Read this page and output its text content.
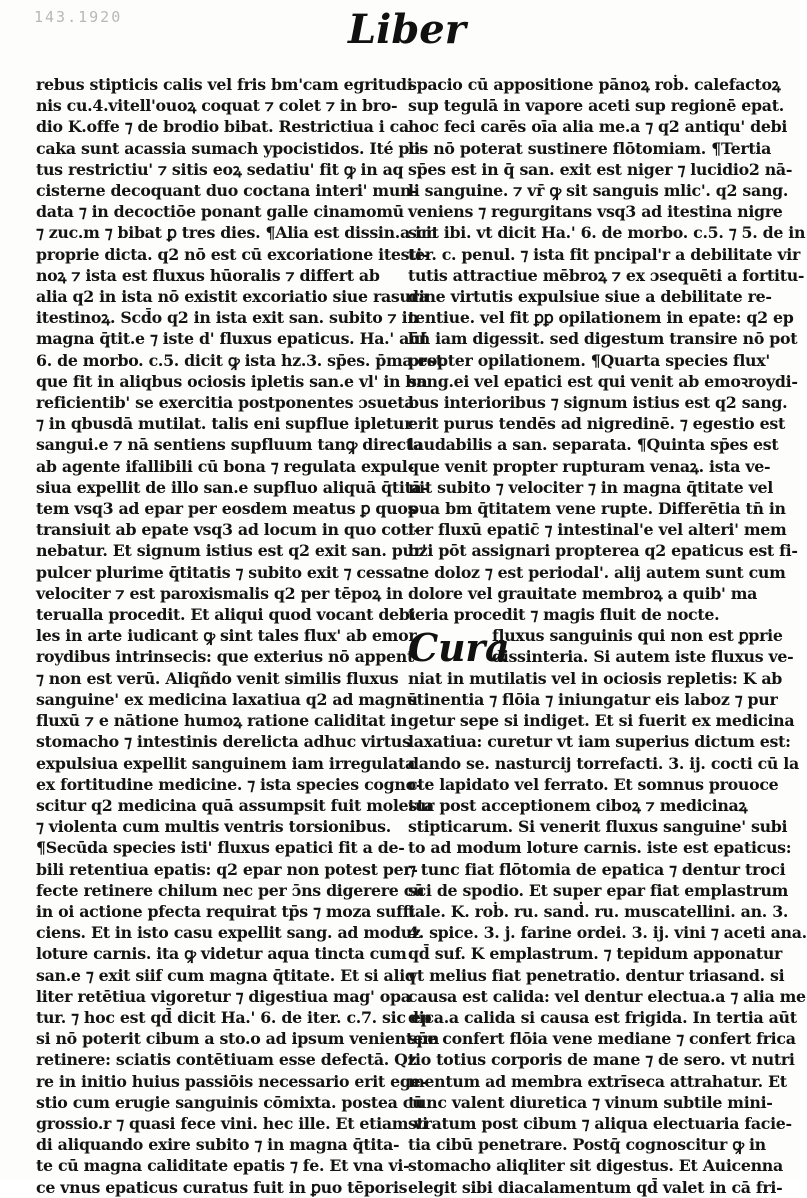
143.1920	Liber
rebus stipticis calis vel fris bm'cam egritudi
nis cu.4.vitell'ouoꝝ coquat ⁊ colet ⁊ in bro-
dio K.offe ⁊ de brodio bibat. Restrictiua i ca
caka sunt acassia sumach ypocistidos. Ité po-
tus restrictiu' ⁊ sitis eoꝝ sedatiu' fit ꝙ in aq
cisterne decoquant duo coctana interi' mun-
data ⁊ in decoctiōe ponant galle cinamomū
⁊ zuc.m ⁊ bibat ꝑ tres dies. ¶Alia est dissin.a im
proprie dicta. q2 nō est cū excoriatione itesti-
noꝝ ⁊ ista est fluxus hūoralis ⁊ differt ab
alia q2 in ista nō existit excoriatio siue rasura
itestinoꝝ. Scd̄o q2 in ista exit san. subito ⁊ in
magna q̄tit.e ⁊ iste d' fluxus epaticus. Ha.' aūt
6. de morbo. c.5. dicit ꝙ ista hz.3. sp̄es. p̄ma est
que fit in aliqbus ociosis ipletis san.e vl' in bn
reficientib' se exercitia postponentes ɔsueta
⁊ in qbusdā mutilat. talis eni supflue ipletur
sangui.e ⁊ nā sentiens supfluum tanꝙ directa
ab agente ifallibili cū bona ⁊ regulata expul-
siua expellit de illo san.e supfluo aliquā q̄titā-
tem vsq3 ad epar per eosdem meatus ꝑ quos
transiuit ab epate vsq3 ad locum in quo coti-
nebatur. Et signum istius est q2 exit san. pur'
pulcer plurime q̄titatis ⁊ subito exit ⁊ cessat
velociter ⁊ est paroxismalis q2 per tēpoꝝ in
terualla procedit. Et aliqui quod vocant debi
les in arte iudicant ꝙ sint tales flux' ab emor
roydibus intrinsecis: que exterius nō appent
⁊ non est verū. Aliqñdo venit similis fluxus
sanguine' ex medicina laxatiua q2 ad magnū
fluxū ⁊ e nātione humoꝝ ratione caliditat in
stomacho ⁊ intestinis derelicta adhuc virtus
expulsiua expellit sanguinem iam irregulata
ex fortitudine medicine. ⁊ ista species cogno-
scitur q2 medicina quā assumpsit fuit molesta
⁊ violenta cum multis ventris torsionibus.
¶Secūda species isti' fluxus epatici fit a de-
bili retentiua epatis: q2 epar non potest per-
fecte retinere chilum nec per ɔ̄ns digerere cū
in oi actione pfecta requirat tp̄s ⁊ moza suffi
ciens. Et in isto casu expellit sang. ad moduz
loture carnis. ita ꝙ videtur aqua tincta cum
san.e ⁊ exit siif cum magna q̄titate. Et si aliq
liter retētiua vigoretur ⁊ digestiua mag' opa
tur. ⁊ hoc est qd̄ dicit Ha.' 6. de iter. c.7. sic ep
si nō poterit cibum a sto.o ad ipsum venientem
retinere: sciatis contētiuam esse defectā. Qz
re in initio huius passiōis necessario erit ege-
stio cum erugie sanguinis cōmixta. postea cū
grossio.r ⁊ quasi fece vini. hec ille. Et etiam vi
di aliquando exire subito ⁊ in magna q̄tita-
te cū magna caliditate epatis ⁊ fe. Et vna vi-
ce vnus epaticus curatus fuit in ꝑuo tēporis
spacio cū appositione pānoꝝ roḃ. calefactoꝝ
sup tegulā in vapore aceti sup regionē epat.
hoc feci carēs oīa alia me.a ⁊ q2 antiqu' debi
lis nō poterat sustinere flōtomiam. ¶Tertia
sp̄es est in q̄ san. exit est niger ⁊ lucidio2 nā-
li sanguine. ⁊ vr̄ ꝙ sit sanguis mlic'. q2 sang.
veniens ⁊ regurgitans vsq3 ad itestina nigre
scit ibi. vt dicit Ha.' 6. de morbo. c.5. ⁊ 5. de in
ter. c. penul. ⁊ ista fit pncipal'r a debilitate vir
tutis attractiue mēbroꝝ ⁊ ex ɔsequēti a fortitu-
dine virtutis expulsiue siue a debilitate re-
tentiue. vel fit ꝑꝑ opilationem in epate: q2 ep
bn̄ iam digessit. sed digestum transire nō pot
propter opilationem. ¶Quarta species flux'
sang.ei vel epatici est qui venit ab emoꝛroydi-
bus interioribus ⁊ signum istius est q2 sang.
erit purus tendēs ad nigredinē. ⁊ egestio est
laudabilis a san. separata. ¶Quinta sp̄es est
que venit propter rupturam venaꝝ. ista ve-
nit subito ⁊ velociter ⁊ in magna q̄titate vel
pua bm q̄titatem vene rupte. Differētia tn̄ in
ter fluxū epatic̄ ⁊ intestinal'e vel alteri' mem
bzi pōt assignari propterea q2 epaticus est fi-
ne doloz ⁊ est periodal'. alij autem sunt cum
dolore vel grauitate membroꝝ a quib' ma
teria procedit ⁊ magis fluit de nocte.
Cura
fluxus sanguinis qui non est ꝑprie
dissinteria. Si autem iste fluxus ve-
niat in mutilatis vel in ociosis repletis: K ab
stinentia ⁊ flōia ⁊ iniungatur eis laboz ⁊ pur
getur sepe si indiget. Et si fuerit ex medicina
laxatiua: curetur vt iam superius dictum est:
dando se. nasturcij torrefacti. 3. ij. cocti cū la
cte lapidato vel ferrato. Et somnus prouoce
tur post acceptionem ciboꝝ ⁊ medicinaꝝ
stipticarum. Si venerit fluxus sanguine' subi
to ad modum loture carnis. iste est epaticus:
⁊ tunc fiat flōtomia de epatica ⁊ dentur troci
sci de spodio. Et super epar fiat emplastrum
tale. K. roḃ. ru. sanḋ. ru. muscatellini. an. 3.
4. spice. 3. j. farine ordei. 3. ij. vini ⁊ aceti ana.
qd̄ suf. K emplastrum. ⁊ tepidum apponatur
vt melius fiat penetratio. dentur triasand. si
causa est calida: vel dentur electua.a ⁊ alia me
dica.a calida si causa est frigida. In tertia aūt
sp̄e confert flōia vene mediane ⁊ confert frica
tio totius corporis de mane ⁊ de sero. vt nutri
mentum ad membra extrīseca attrahatur. Et
tunc valent diuretica ⁊ vinum subtile mini-
stratum post cibum ⁊ aliqua electuaria facie-
tia cibū penetrare. Postq̄ cognoscitur ꝙ in
stomacho aliqliter sit digestus. Et Auicenna
elegit sibi diacalamentum qd̄ valet in cā fri-
